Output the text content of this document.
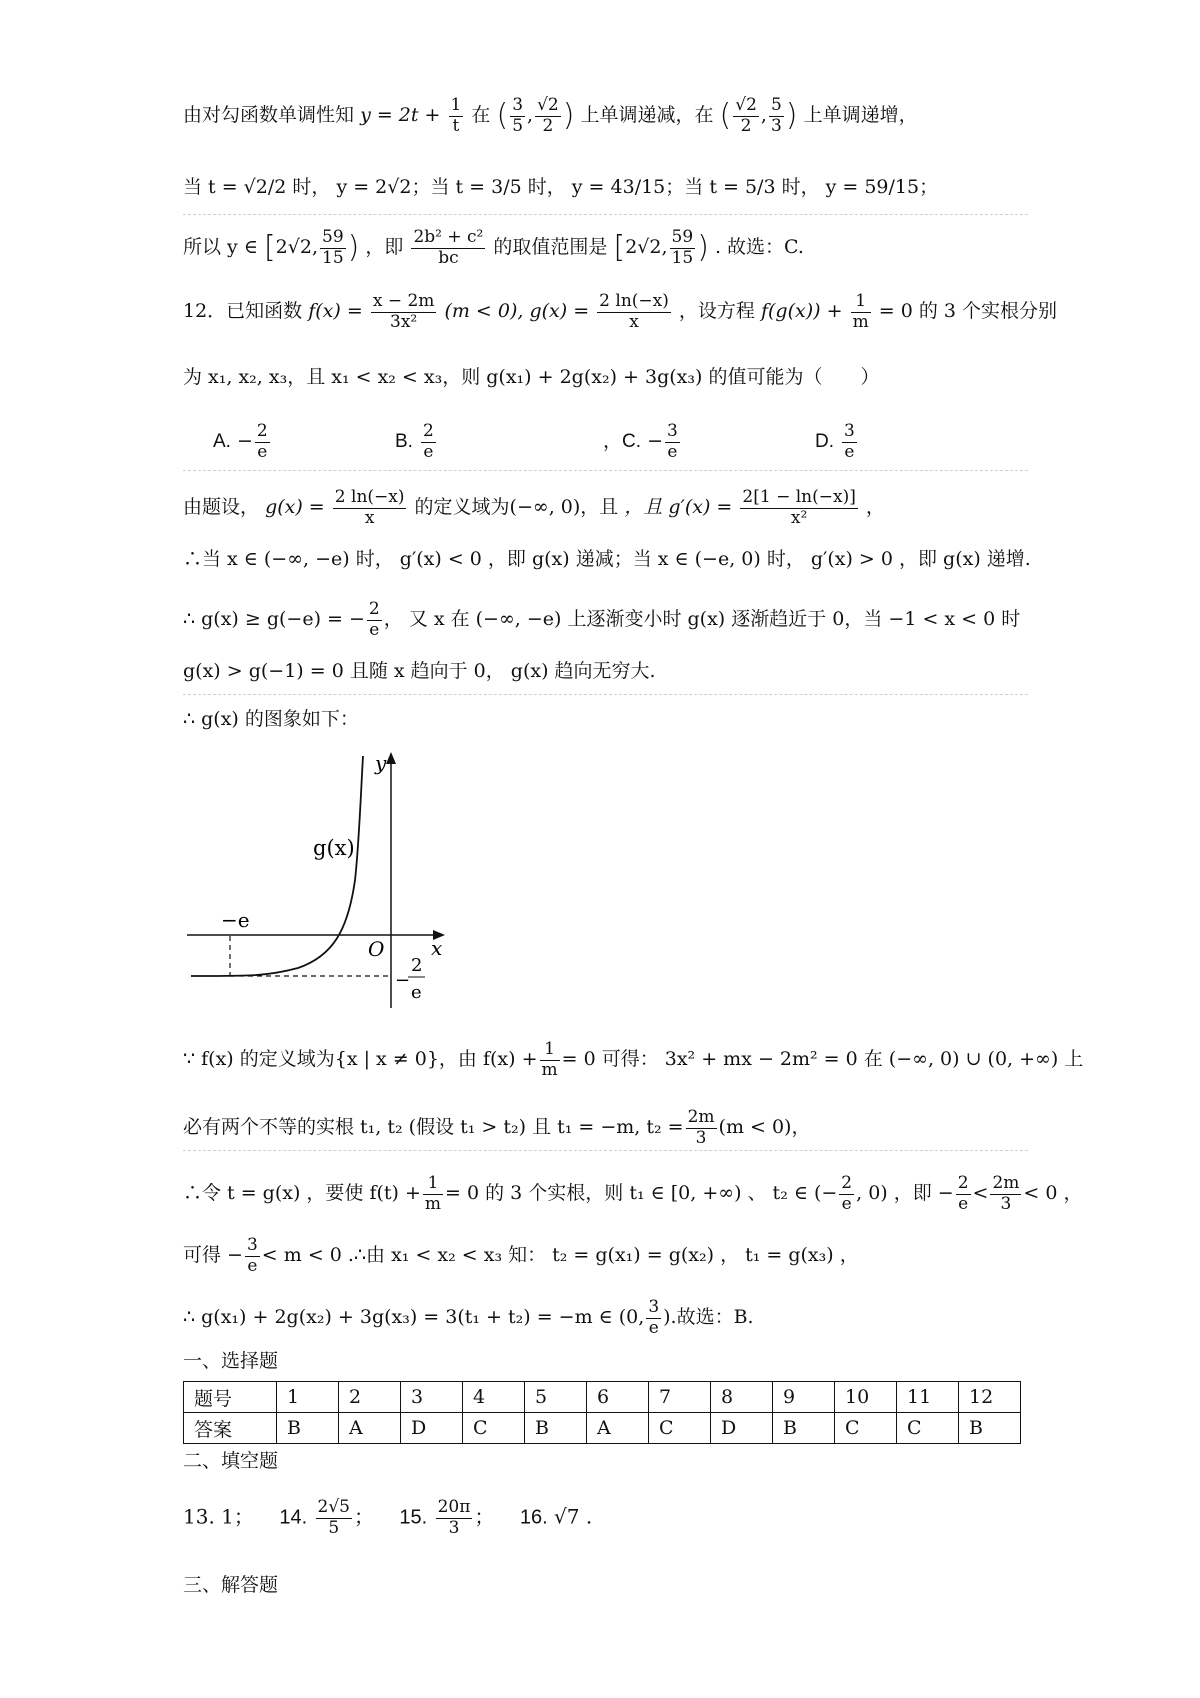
由对勾函数单调性知 $y = 2t + \frac{1}{t}$ 在 ( $\frac{3}{5}$ , $\frac{√2}{2}$ ) 上单调递减，在 ( $\frac{√2}{2}$ , $\frac{5}{3}$ ) 上单调递增，
当 t = √2/2 时， y = 2√2；当 t = 3/5 时， y = 43/15；当 t = 5/3 时， y = 59/15；
所以 y ∈ [2√2, $\frac{59}{15}$ ) ，即 $\frac{\text{2b² + c²}}{bc}$ 的取值范围是 [2√2, $\frac{59}{15}$ ) . 故选：C.
12．已知函数 $f(x) = \frac{x - 2m}{\text{3x²}} (m < 0)$, $g(x) = \frac{2 \ln(-x)}{x}$ ，设方程 $f(g(x)) + \frac{1}{m} = 0$ 的 3 个实根分别
为 x₁, x₂, x₃，且 x₁ < x₂ < x₃，则 g(x₁) + 2g(x₂) + 3g(x₃) 的值可能为（　　）
A. − $\frac{2}{e}$	B. $\frac{2}{e}$	，C. − $\frac{3}{e}$	D. $\frac{3}{e}$
由题设， $g(x) = \frac{2 \ln(-x)}{x}$ 的定义域为(−∞, 0)，且 ，且 $g'(x) = \frac{2[1 - \ln(-x)]}{\text{x²}}$ ，
∴当 x ∈ (−∞, −e) 时， g′(x) < 0 ，即 g(x) 递减；当 x ∈ (−e, 0) 时， g′(x) > 0 ，即 g(x) 递增.
∴ g(x) ≥ g(−e) = − $\frac{2}{e}$ ， 又 x 在 (−∞, −e) 上逐渐变小时 g(x) 逐渐趋近于 0，当 −1 < x < 0 时
g(x) > g(−1) = 0 且随 x 趋向于 0， g(x) 趋向无穷大.
∴ g(x) 的图象如下：
y
x
O
g(x)
−e
−
2
e
∵ f(x) 的定义域为{x | x ≠ 0}，由 $f(x) + \frac{1}{m} = 0$ 可得： 3x² + mx − 2m² = 0 在 (−∞, 0) ∪ (0, +∞) 上
必有两个不等的实根 t₁, t₂ (假设 t₁ > t₂) 且 t₁ = −m, $t_2 = \frac{2m}{3} (m < 0)$，
∴令 t = g(x) ，要使 $f(t) + \frac{1}{m} = 0$ 的 3 个实根，则 t₁ ∈ [0, +∞) 、 t₂ ∈ (− $\frac{2}{e}$ , 0) ，即 − $\frac{2}{e} < \frac{2m}{3} < 0$ ，
可得 − $\frac{3}{e} < m < 0$ .∴由 x₁ < x₂ < x₃ 知： t₂ = g(x₁) = g(x₂) ， t₁ = g(x₃) ，
∴ g(x₁) + 2g(x₂) + 3g(x₃) = 3(t₁ + t₂) = −m ∈ (0, $\frac{3}{e}$ ).故选：B.
一、选择题
题号	1	2	3	4	5	6	7	8	9	10	11	12
答案	B	A	D	C	B	A	C	D	B	C	C	B
二、填空题
13. 1； 14. $\frac{2√5}{5}$ ； 15. $\frac{20\pi}{3}$ ； 16. √7 .
三、解答题
